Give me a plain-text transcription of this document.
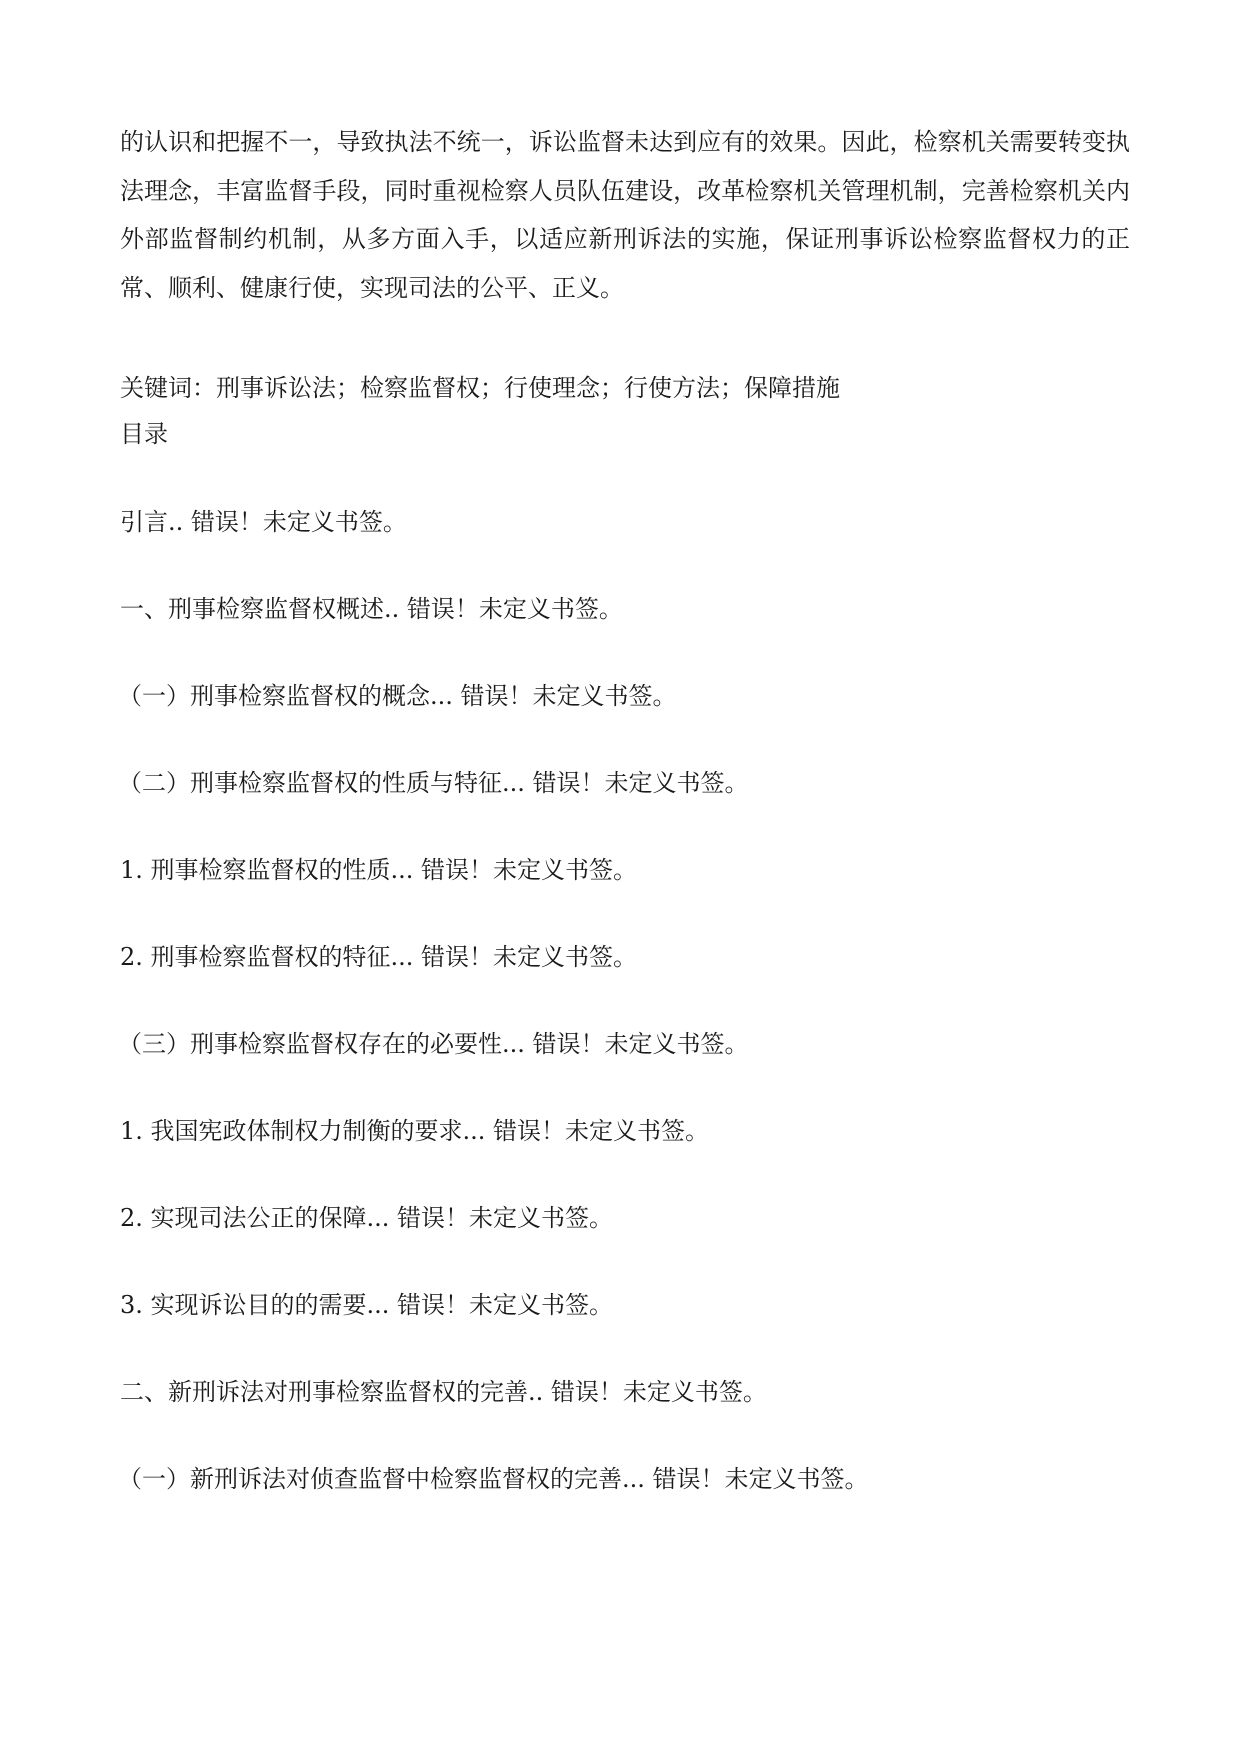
的认识和把握不一，导致执法不统一，诉讼监督未达到应有的效果。因此，检察机关需要转变执法理念，丰富监督手段，同时重视检察人员队伍建设，改革检察机关管理机制，完善检察机关内外部监督制约机制，从多方面入手，以适应新刑诉法的实施，保证刑事诉讼检察监督权力的正常、顺利、健康行使，实现司法的公平、正义。

关键词：刑事诉讼法；检察监督权；行使理念；行使方法；保障措施

目录

引言.. 错误！未定义书签。

一、刑事检察监督权概述.. 错误！未定义书签。

（一）刑事检察监督权的概念... 错误！未定义书签。

（二）刑事检察监督权的性质与特征... 错误！未定义书签。

1. 刑事检察监督权的性质... 错误！未定义书签。

2. 刑事检察监督权的特征... 错误！未定义书签。

（三）刑事检察监督权存在的必要性... 错误！未定义书签。

1. 我国宪政体制权力制衡的要求... 错误！未定义书签。

2. 实现司法公正的保障... 错误！未定义书签。

3. 实现诉讼目的的需要... 错误！未定义书签。

二、新刑诉法对刑事检察监督权的完善.. 错误！未定义书签。

（一）新刑诉法对侦查监督中检察监督权的完善... 错误！未定义书签。
